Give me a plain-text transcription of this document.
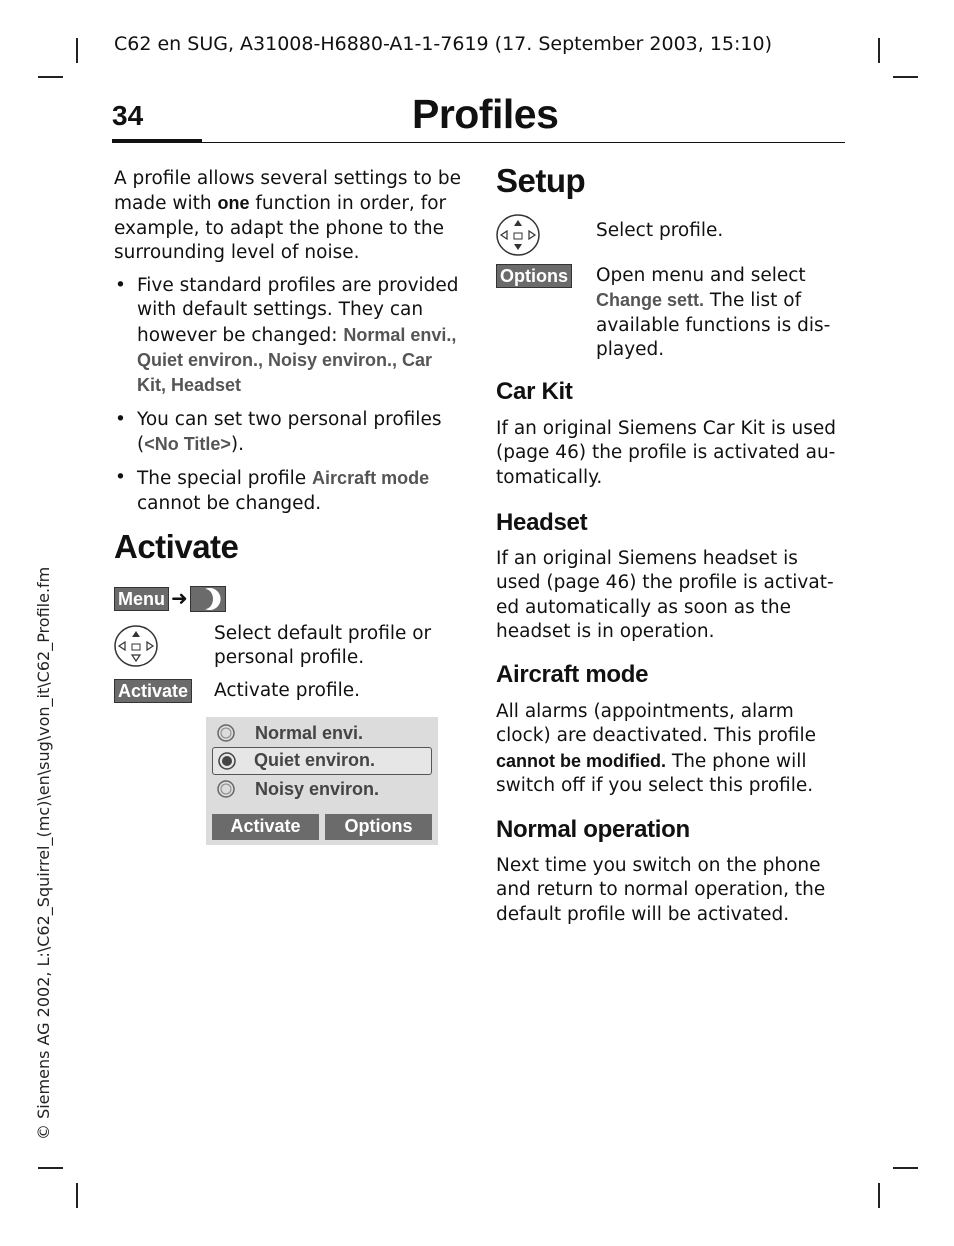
C62 en SUG, A31008-H6880-A1-1-7619 (17. September 2003, 15:10)
34	Profiles
A profile allows several settings to be made with one function in order, for example, to adapt the phone to the surrounding level of noise.
• Five standard profiles are provided with default settings. They can however be changed: Normal envi., Quiet environ., Noisy environ., Car Kit, Headset
• You can set two personal profiles (<No Title>).
• The special profile Aircraft mode cannot be changed.
Activate
Menu ➜
Select default profile or personal profile.
Activate Activate profile.
Normal envi.
Quiet environ.
Noisy environ.
Activate	Options
Setup
Select profile.
Options Open menu and select Change sett. The list of available functions is dis-played.
Car Kit
If an original Siemens Car Kit is used (page 46) the profile is activated au-tomatically.
Headset
If an original Siemens headset is used (page 46) the profile is activat-ed automatically as soon as the headset is in operation.
Aircraft mode
All alarms (appointments, alarm clock) are deactivated. This profile cannot be modified. The phone will switch off if you select this profile.
Normal operation
Next time you switch on the phone and return to normal operation, the default profile will be activated.
© Siemens AG 2002, L:\C62_Squirrel_(mc)\en\sug\von_it\C62_Profile.fm
